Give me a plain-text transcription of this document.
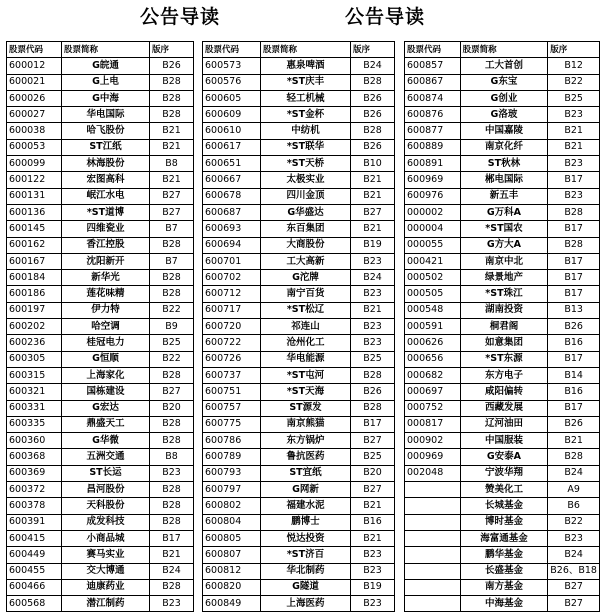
公告导读	公告导读
股票代码	股票简称	版序
600012	G皖通	B26
600021	G上电	B28
600026	G中海	B28
600027	华电国际	B28
600038	哈飞股份	B21
600053	ST江纸	B21
600099	林海股份	B8
600122	宏图高科	B21
600131	岷江水电	B27
600136	*ST道博	B27
600145	四维瓷业	B7
600162	香江控股	B28
600167	沈阳新开	B7
600184	新华光	B28
600186	莲花味精	B28
600197	伊力特	B22
600202	哈空调	B9
600236	桂冠电力	B25
600305	G恒顺	B22
600315	上海家化	B28
600321	国栋建设	B27
600331	G宏达	B20
600335	鼎盛天工	B28
600360	G华微	B28
600368	五洲交通	B8
600369	ST长运	B23
600372	昌河股份	B28
600378	天科股份	B28
600391	成发科技	B28
600415	小商品城	B17
600449	赛马实业	B21
600455	交大博通	B24
600466	迪康药业	B28
600568	潜江制药	B23
股票代码	股票简称	版序
600573	惠泉啤酒	B24
600576	*ST庆丰	B28
600605	轻工机械	B26
600609	*ST金杯	B26
600610	中纺机	B28
600617	*ST联华	B26
600651	*ST天桥	B10
600667	太极实业	B21
600678	四川金顶	B21
600687	G华盛达	B27
600693	东百集团	B21
600694	大商股份	B19
600701	工大高新	B23
600702	G沱牌	B24
600712	南宁百货	B23
600717	*ST松辽	B21
600720	祁连山	B23
600722	沧州化工	B23
600726	华电能源	B25
600737	*ST屯河	B28
600751	*ST天海	B26
600757	ST源发	B28
600775	南京熊猫	B17
600786	东方锅炉	B27
600789	鲁抗医药	B25
600793	ST宜纸	B20
600797	G网新	B27
600802	福建水泥	B21
600804	鹏博士	B16
600805	悦达投资	B21
600807	*ST济百	B23
600812	华北制药	B23
600820	G隧道	B19
600849	上海医药	B23
股票代码	股票简称	版序
600857	工大首创	B12
600867	G东宝	B22
600874	G创业	B25
600876	G洛玻	B23
600877	中国嘉陵	B21
600889	南京化纤	B21
600891	ST秋林	B23
600969	郴电国际	B17
600976	新五丰	B23
000002	G万科A	B28
000004	*ST国农	B17
000055	G方大A	B28
000421	南京中北	B17
000502	绿景地产	B17
000505	*ST珠江	B17
000548	湖南投资	B13
000591	桐君阁	B26
000626	如意集团	B16
000656	*ST东源	B17
000682	东方电子	B14
000697	咸阳偏转	B16
000752	西藏发展	B17
000817	辽河油田	B26
000902	中国服装	B21
000969	G安泰A	B28
002048	宁波华翔	B24
	赞美化工	A9
	长城基金	B6
	博时基金	B22
	海富通基金	B23
	鹏华基金	B24
	长盛基金	B26、B18
	南方基金	B27
	中海基金	B27
